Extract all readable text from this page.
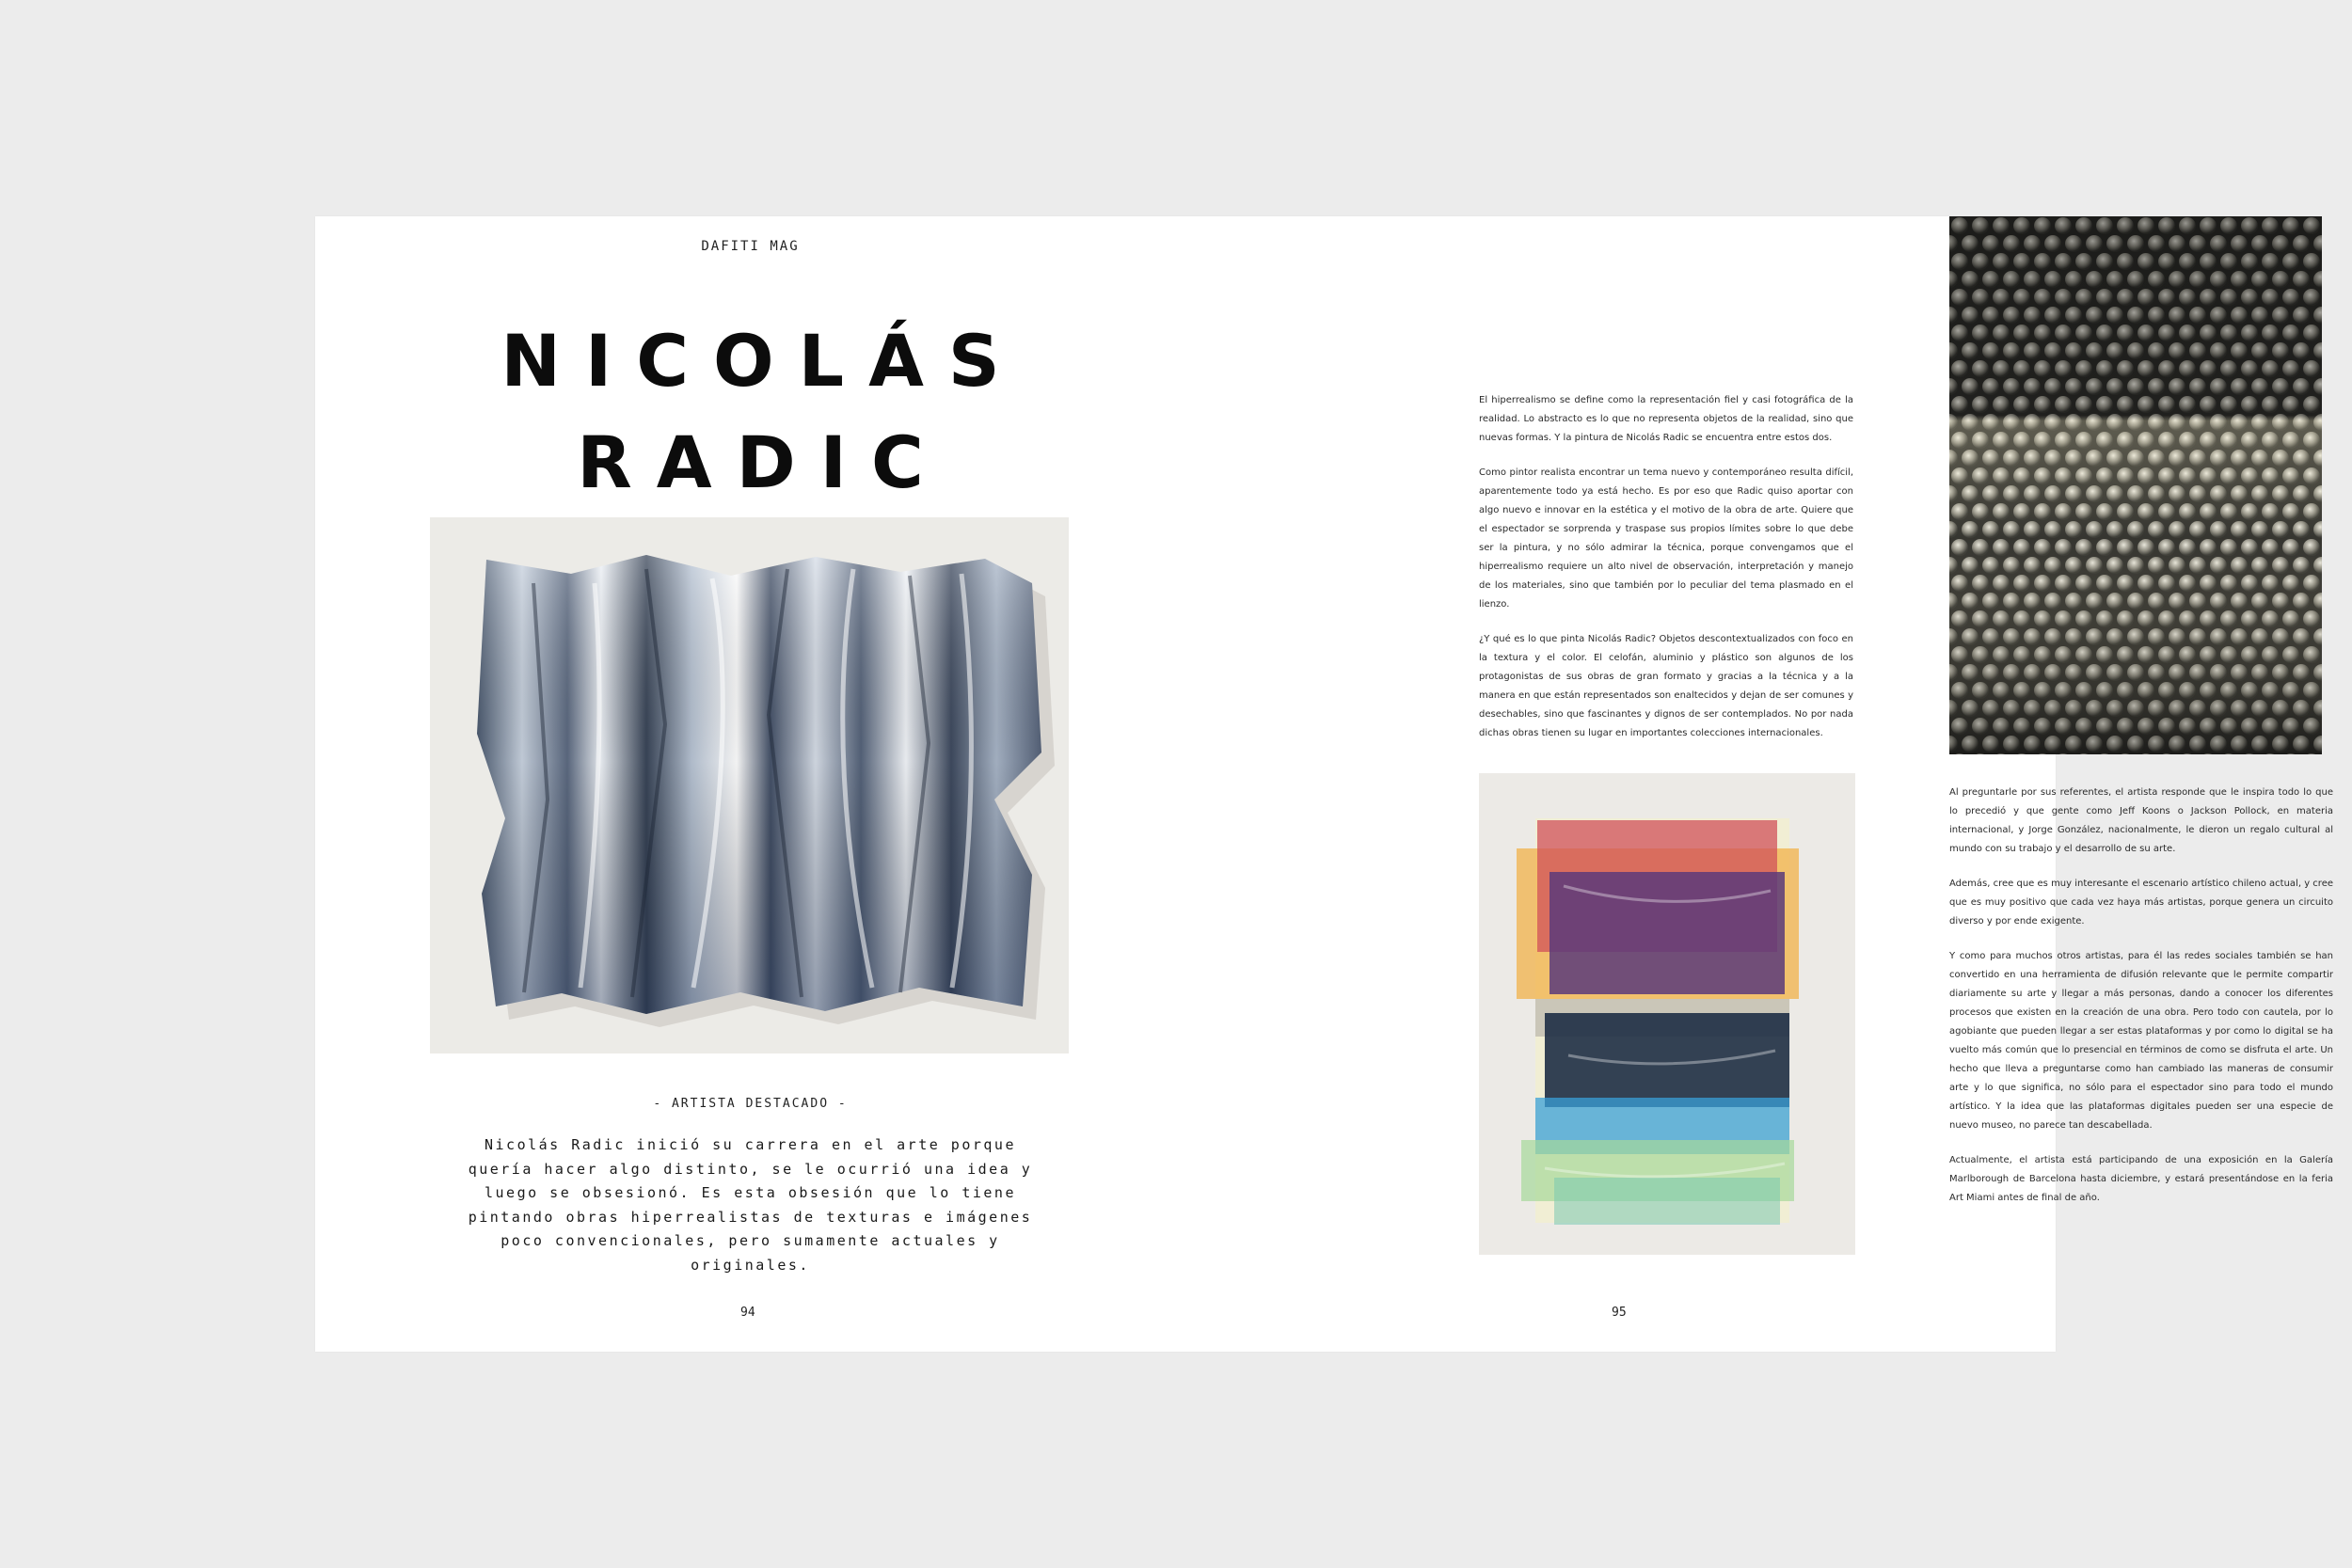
DAFITI MAG
NICOLÁS
RADIC
- ARTISTA DESTACADO -
Nicolás Radic inició su carrera en el arte porque quería hacer algo distinto, se le ocurrió una idea y luego se obsesionó. Es esta obsesión que lo tiene pintando obras hiperrealistas de texturas e imágenes poco convencionales, pero sumamente actuales y originales.
94

El hiperrealismo se define como la representación fiel y casi fotográfica de la realidad. Lo abstracto es lo que no representa objetos de la realidad, sino que nuevas formas. Y la pintura de Nicolás Radic se encuentra entre estos dos.

Como pintor realista encontrar un tema nuevo y contemporáneo resulta difícil, aparentemente todo ya está hecho. Es por eso que Radic quiso aportar con algo nuevo e innovar en la estética y el motivo de la obra de arte. Quiere que el espectador se sorprenda y traspase sus propios límites sobre lo que debe ser la pintura, y no sólo admirar la técnica, porque convengamos que el hiperrealismo requiere un alto nivel de observación, interpretación y manejo de los materiales, sino que también por lo peculiar del tema plasmado en el lienzo.

¿Y qué es lo que pinta Nicolás Radic? Objetos descontextualizados con foco en la textura y el color. El celofán, aluminio y plástico son algunos de los protagonistas de sus obras de gran formato y gracias a la técnica y a la manera en que están representados son enaltecidos y dejan de ser comunes y desechables, sino que fascinantes y dignos de ser contemplados. No por nada dichas obras tienen su lugar en importantes colecciones internacionales.

Al preguntarle por sus referentes, el artista responde que le inspira todo lo que lo precedió y que gente como Jeff Koons o Jackson Pollock, en materia internacional, y Jorge González, nacionalmente, le dieron un regalo cultural al mundo con su trabajo y el desarrollo de su arte.

Además, cree que es muy interesante el escenario artístico chileno actual, y cree que es muy positivo que cada vez haya más artistas, porque genera un circuito diverso y por ende exigente.

Y como para muchos otros artistas, para él las redes sociales también se han convertido en una herramienta de difusión relevante que le permite compartir diariamente su arte y llegar a más personas, dando a conocer los diferentes procesos que existen en la creación de una obra. Pero todo con cautela, por lo agobiante que pueden llegar a ser estas plataformas y por como lo digital se ha vuelto más común que lo presencial en términos de como se disfruta el arte. Un hecho que lleva a preguntarse como han cambiado las maneras de consumir arte y lo que significa, no sólo para el espectador sino para todo el mundo artístico. Y la idea que las plataformas digitales pueden ser una especie de nuevo museo, no parece tan descabellada.

Actualmente, el artista está participando de una exposición en la Galería Marlborough de Barcelona hasta diciembre, y estará presentándose en la feria Art Miami antes de final de año.

95
